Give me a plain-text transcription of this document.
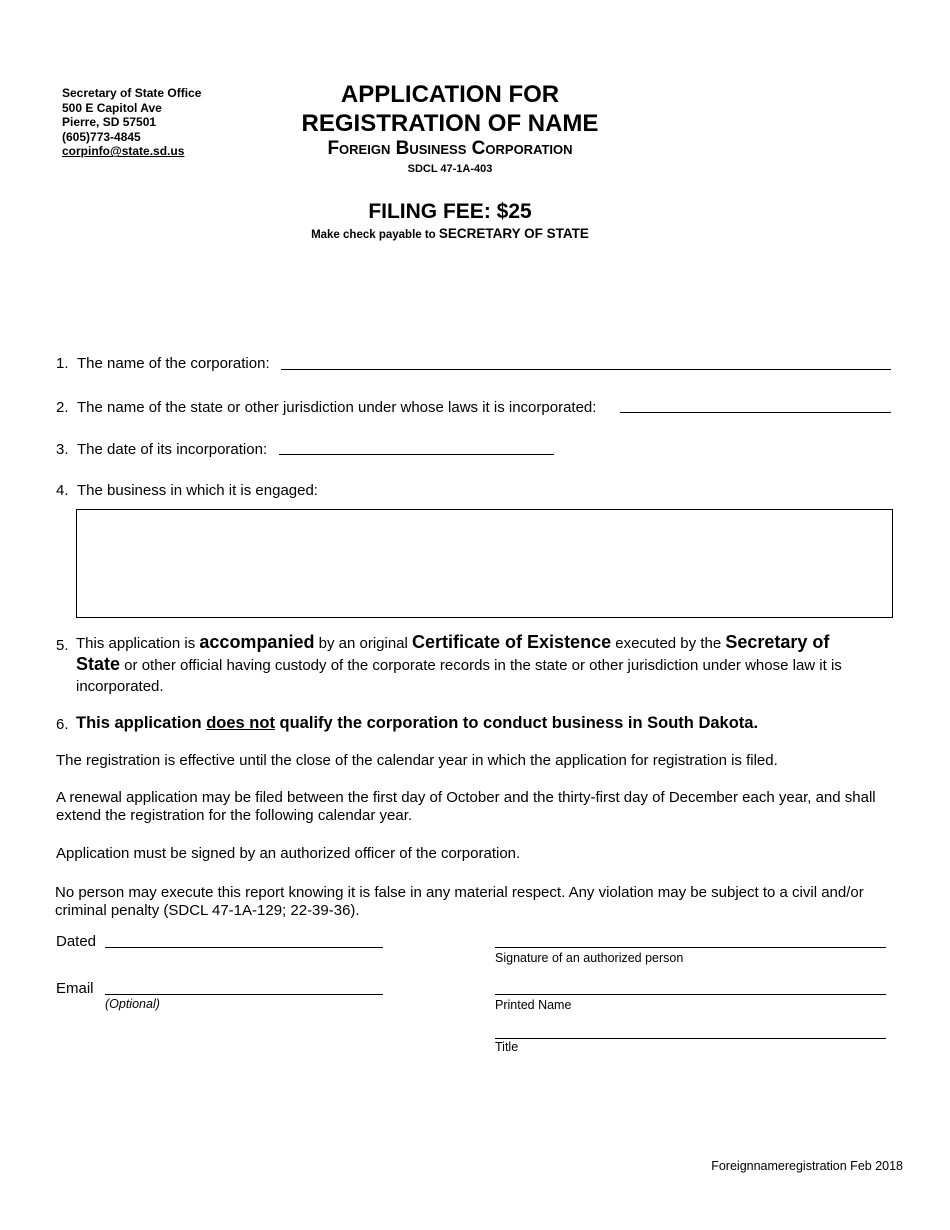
Secretary of State Office
500 E Capitol Ave
Pierre, SD 57501
(605)773-4845
corpinfo@state.sd.us
APPLICATION FOR
REGISTRATION OF NAME
Foreign Business Corporation
SDCL 47-1A-403
FILING FEE: $25
Make check payable to SECRETARY OF STATE
1. The name of the corporation:
2. The name of the state or other jurisdiction under whose laws it is incorporated:
3. The date of its incorporation:
4. The business in which it is engaged:
5. This application is accompanied by an original Certificate of Existence executed by the Secretary of State or other official having custody of the corporate records in the state or other jurisdiction under whose law it is incorporated.
6. This application does not qualify the corporation to conduct business in South Dakota.
The registration is effective until the close of the calendar year in which the application for registration is filed.
A renewal application may be filed between the first day of October and the thirty-first day of December each year, and shall extend the registration for the following calendar year.
Application must be signed by an authorized officer of the corporation.
No person may execute this report knowing it is false in any material respect. Any violation may be subject to a civil and/or criminal penalty (SDCL 47-1A-129; 22-39-36).
Dated
Signature of an authorized person
Email
(Optional)	Printed Name
Title
Foreignnameregistration Feb 2018
